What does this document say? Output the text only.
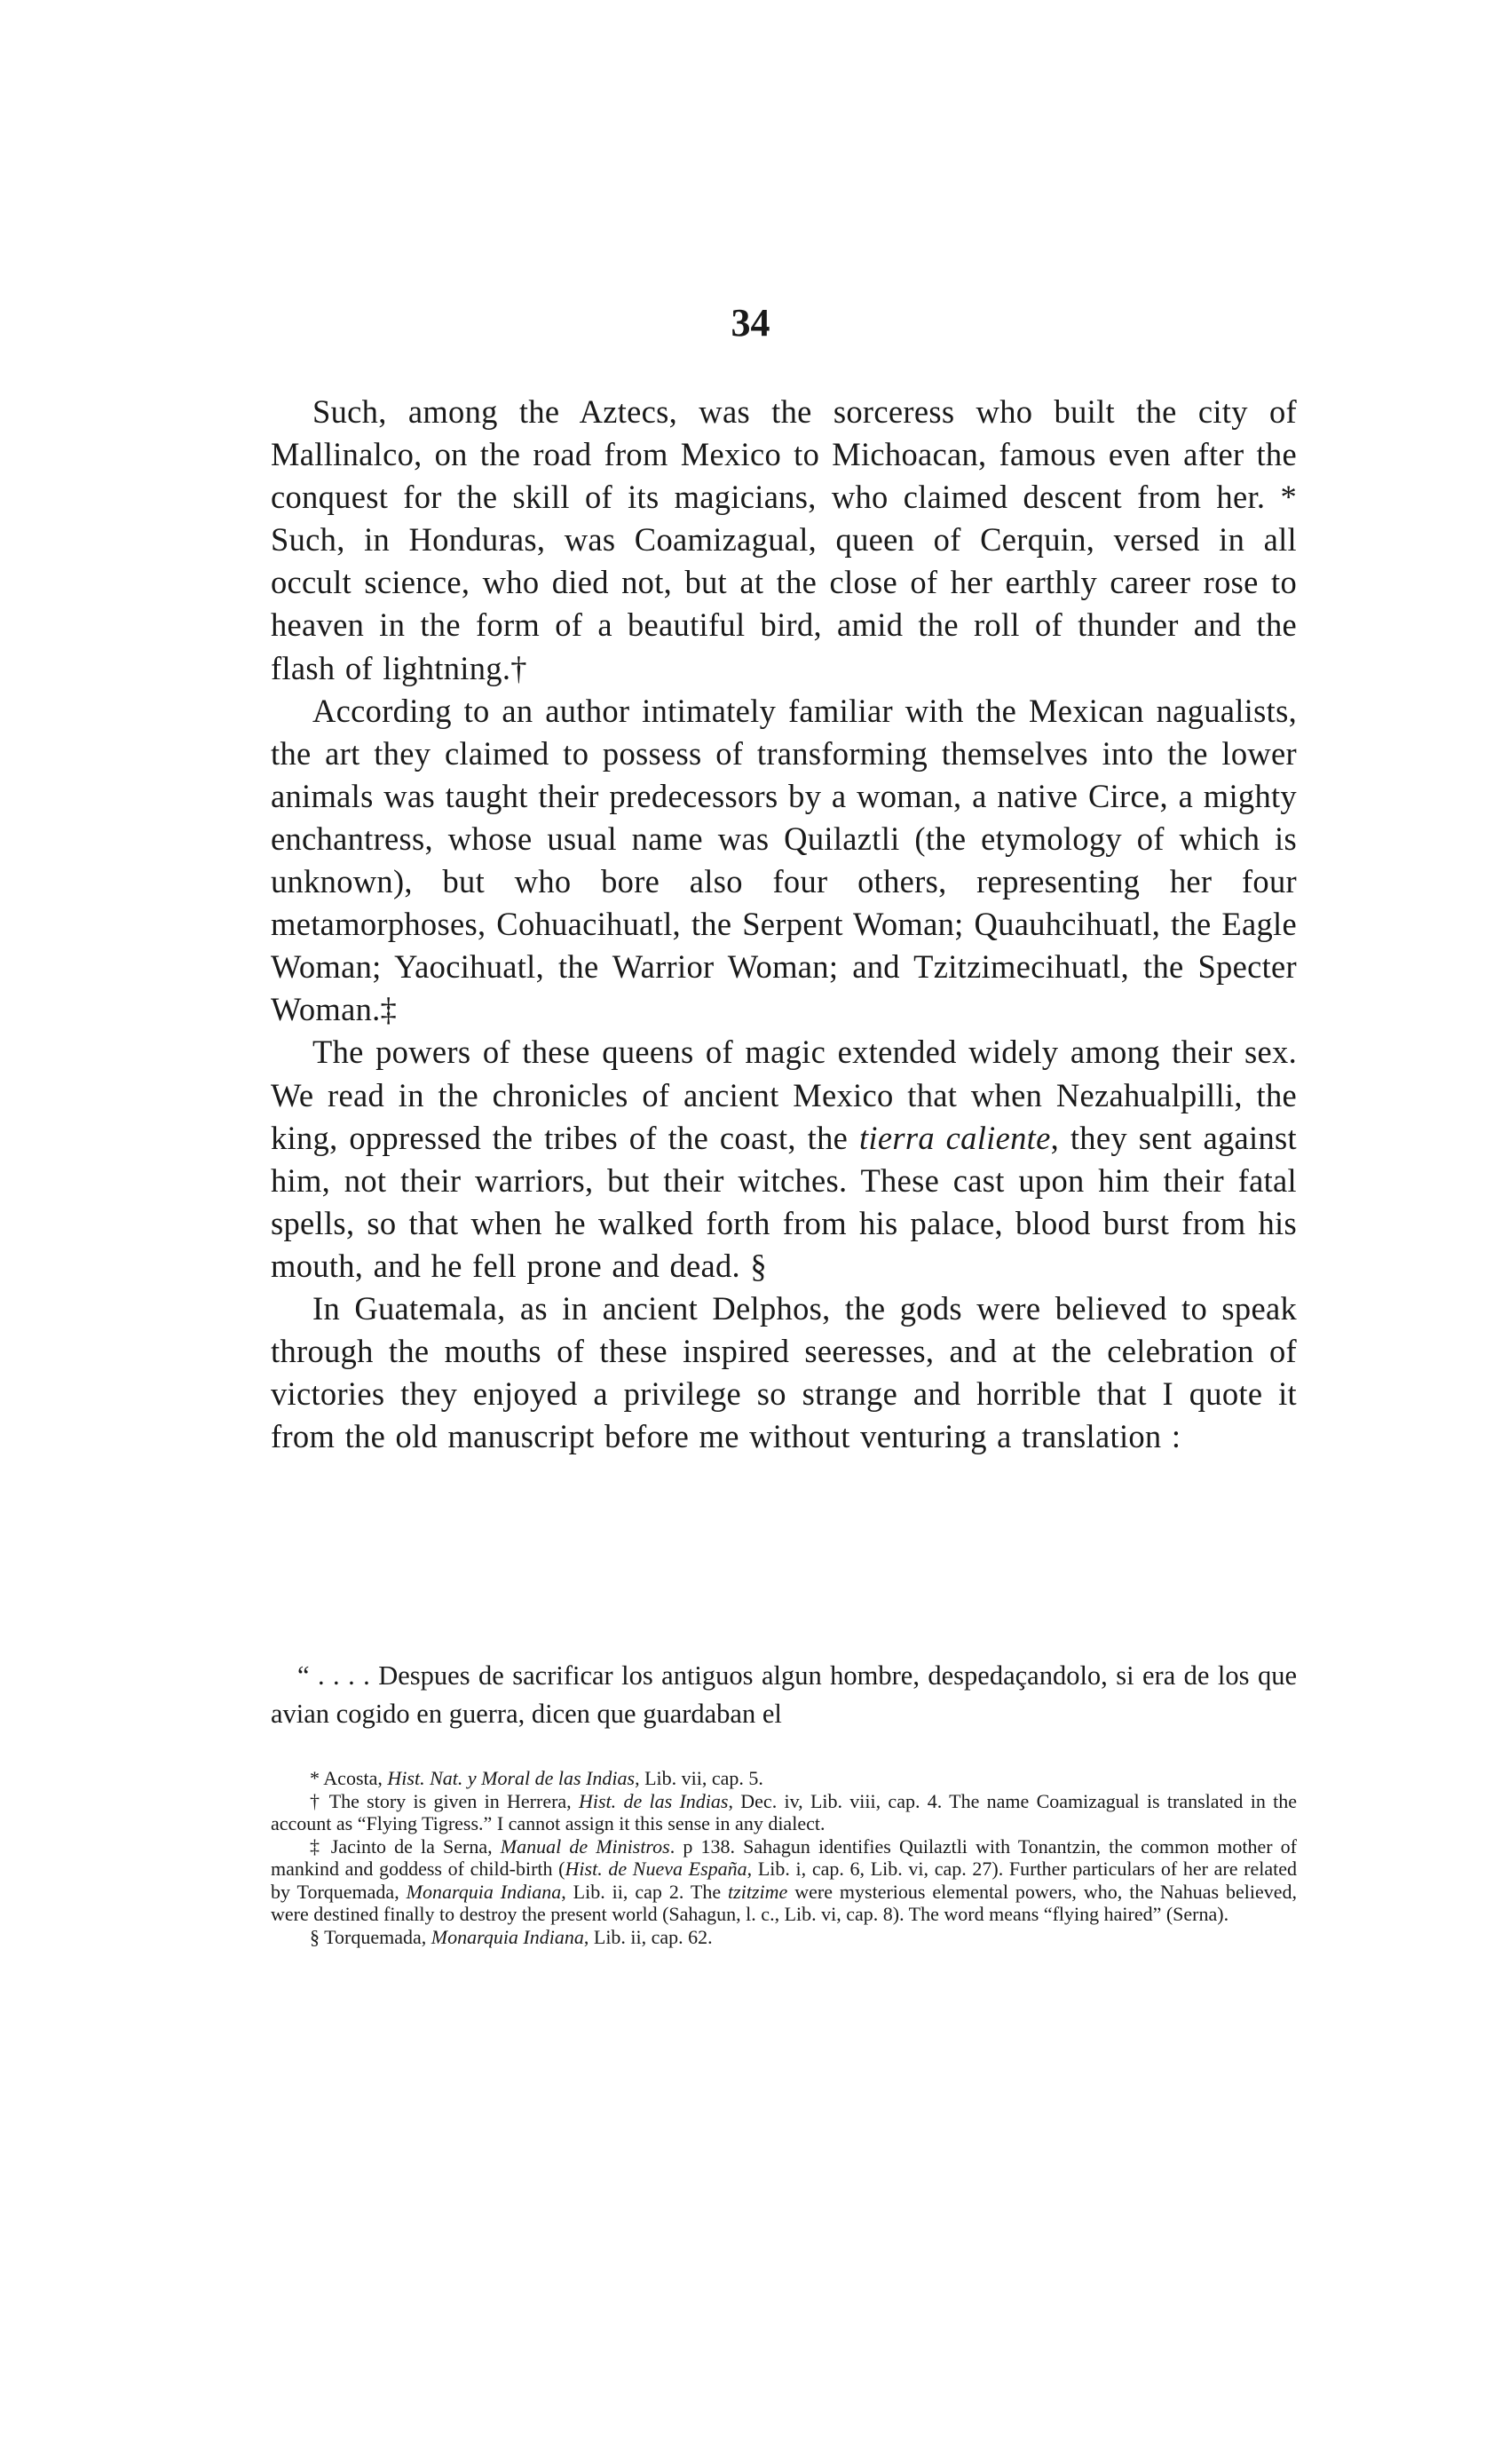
34

Such, among the Aztecs, was the sorceress who built the city of Mallinalco, on the road from Mexico to Michoacan, famous even after the conquest for the skill of its magicians, who claimed descent from her. * Such, in Honduras, was Coamizagual, queen of Cerquin, versed in all occult science, who died not, but at the close of her earthly career rose to heaven in the form of a beautiful bird, amid the roll of thunder and the flash of lightning.†

According to an author intimately familiar with the Mexican nagualists, the art they claimed to possess of transforming themselves into the lower animals was taught their predecessors by a woman, a native Circe, a mighty enchantress, whose usual name was Quilaztli (the etymology of which is unknown), but who bore also four others, representing her four metamorphoses, Cohuacihuatl, the Serpent Woman; Quauhcihuatl, the Eagle Woman; Yaocihuatl, the Warrior Woman; and Tzitzimecihuatl, the Specter Woman.‡

The powers of these queens of magic extended widely among their sex. We read in the chronicles of ancient Mexico that when Nezahualpilli, the king, oppressed the tribes of the coast, the tierra caliente, they sent against him, not their warriors, but their witches. These cast upon him their fatal spells, so that when he walked forth from his palace, blood burst from his mouth, and he fell prone and dead. §

In Guatemala, as in ancient Delphos, the gods were believed to speak through the mouths of these inspired seeresses, and at the celebration of victories they enjoyed a privilege so strange and horrible that I quote it from the old manuscript before me without venturing a translation :

“ . . . . Despues de sacrificar los antiguos algun hombre, despedaçandolo, si era de los que avian cogido en guerra, dicen que guardaban el

* Acosta, Hist. Nat. y Moral de las Indias, Lib. vii, cap. 5.

† The story is given in Herrera, Hist. de las Indias, Dec. iv, Lib. viii, cap. 4. The name Coamizagual is translated in the account as “Flying Tigress.” I cannot assign it this sense in any dialect.

‡ Jacinto de la Serna, Manual de Ministros. p 138. Sahagun identifies Quilaztli with Tonantzin, the common mother of mankind and goddess of child-birth (Hist. de Nueva España, Lib. i, cap. 6, Lib. vi, cap. 27). Further particulars of her are related by Torquemada, Monarquia Indiana, Lib. ii, cap 2. The tzitzime were mysterious elemental powers, who, the Nahuas believed, were destined finally to destroy the present world (Sahagun, l. c., Lib. vi, cap. 8). The word means “flying haired” (Serna).

§ Torquemada, Monarquia Indiana, Lib. ii, cap. 62.
